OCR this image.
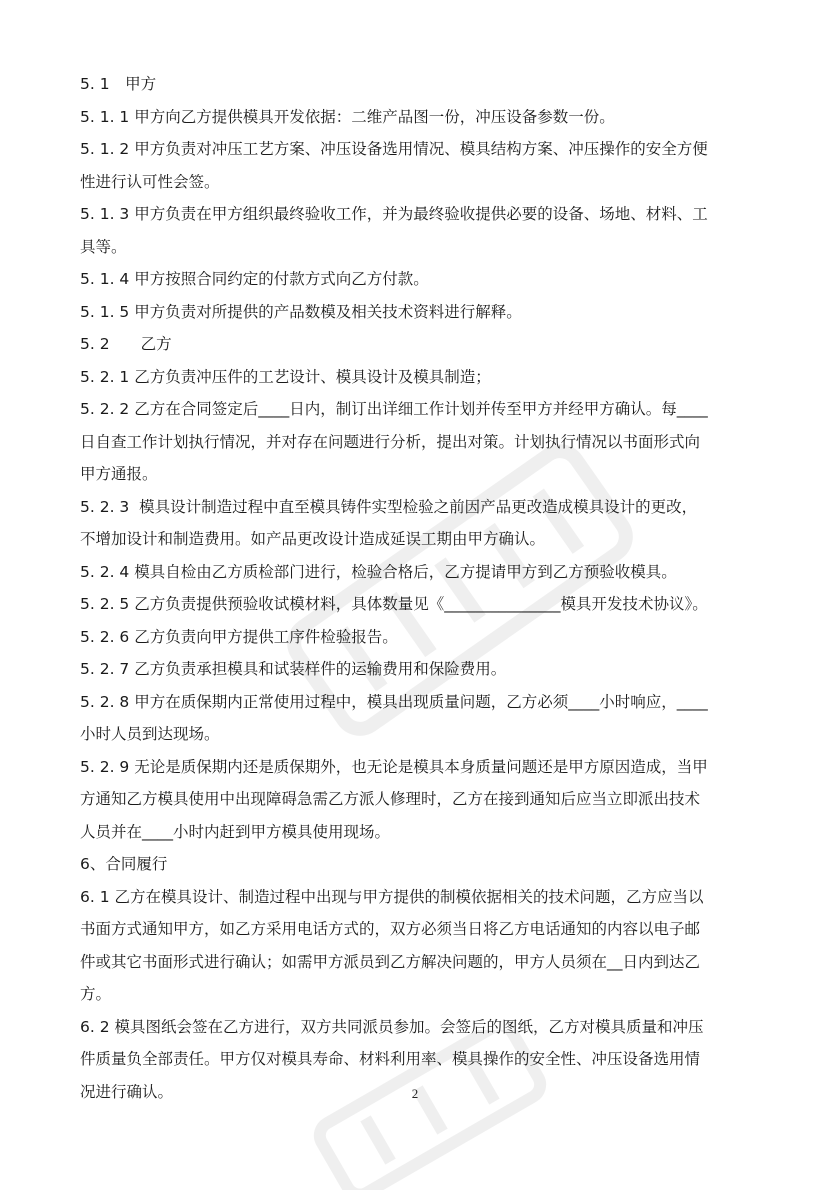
5. 1　甲方

5. 1. 1 甲方向乙方提供模具开发依据：二维产品图一份，冲压设备参数一份。

5. 1. 2 甲方负责对冲压工艺方案、冲压设备选用情况、模具结构方案、冲压操作的安全方便

性进行认可性会签。

5. 1. 3 甲方负责在甲方组织最终验收工作，并为最终验收提供必要的设备、场地、材料、工

具等。

5. 1. 4 甲方按照合同约定的付款方式向乙方付款。

5. 1. 5 甲方负责对所提供的产品数模及相关技术资料进行解释。

5. 2　　乙方

5. 2. 1 乙方负责冲压件的工艺设计、模具设计及模具制造；

5. 2. 2 乙方在合同签定后____日内，制订出详细工作计划并传至甲方并经甲方确认。每____

日自查工作计划执行情况，并对存在问题进行分析，提出对策。计划执行情况以书面形式向

甲方通报。

5. 2. 3  模具设计制造过程中直至模具铸件实型检验之前因产品更改造成模具设计的更改，

不增加设计和制造费用。如产品更改设计造成延误工期由甲方确认。

5. 2. 4 模具自检由乙方质检部门进行，检验合格后，乙方提请甲方到乙方预验收模具。

5. 2. 5 乙方负责提供预验收试模材料，具体数量见《_______________模具开发技术协议》。

5. 2. 6 乙方负责向甲方提供工序件检验报告。

5. 2. 7 乙方负责承担模具和试装样件的运输费用和保险费用。

5. 2. 8 甲方在质保期内正常使用过程中，模具出现质量问题，乙方必须____小时响应，____

小时人员到达现场。

5. 2. 9 无论是质保期内还是质保期外，也无论是模具本身质量问题还是甲方原因造成，当甲

方通知乙方模具使用中出现障碍急需乙方派人修理时，乙方在接到通知后应当立即派出技术

人员并在____小时内赶到甲方模具使用现场。

6、合同履行

6. 1 乙方在模具设计、制造过程中出现与甲方提供的制模依据相关的技术问题，乙方应当以

书面方式通知甲方，如乙方采用电话方式的，双方必须当日将乙方电话通知的内容以电子邮

件或其它书面形式进行确认；如需甲方派员到乙方解决问题的，甲方人员须在__日内到达乙

方。

6. 2 模具图纸会签在乙方进行，双方共同派员参加。会签后的图纸，乙方对模具质量和冲压

件质量负全部责任。甲方仅对模具寿命、材料利用率、模具操作的安全性、冲压设备选用情

况进行确认。	2
